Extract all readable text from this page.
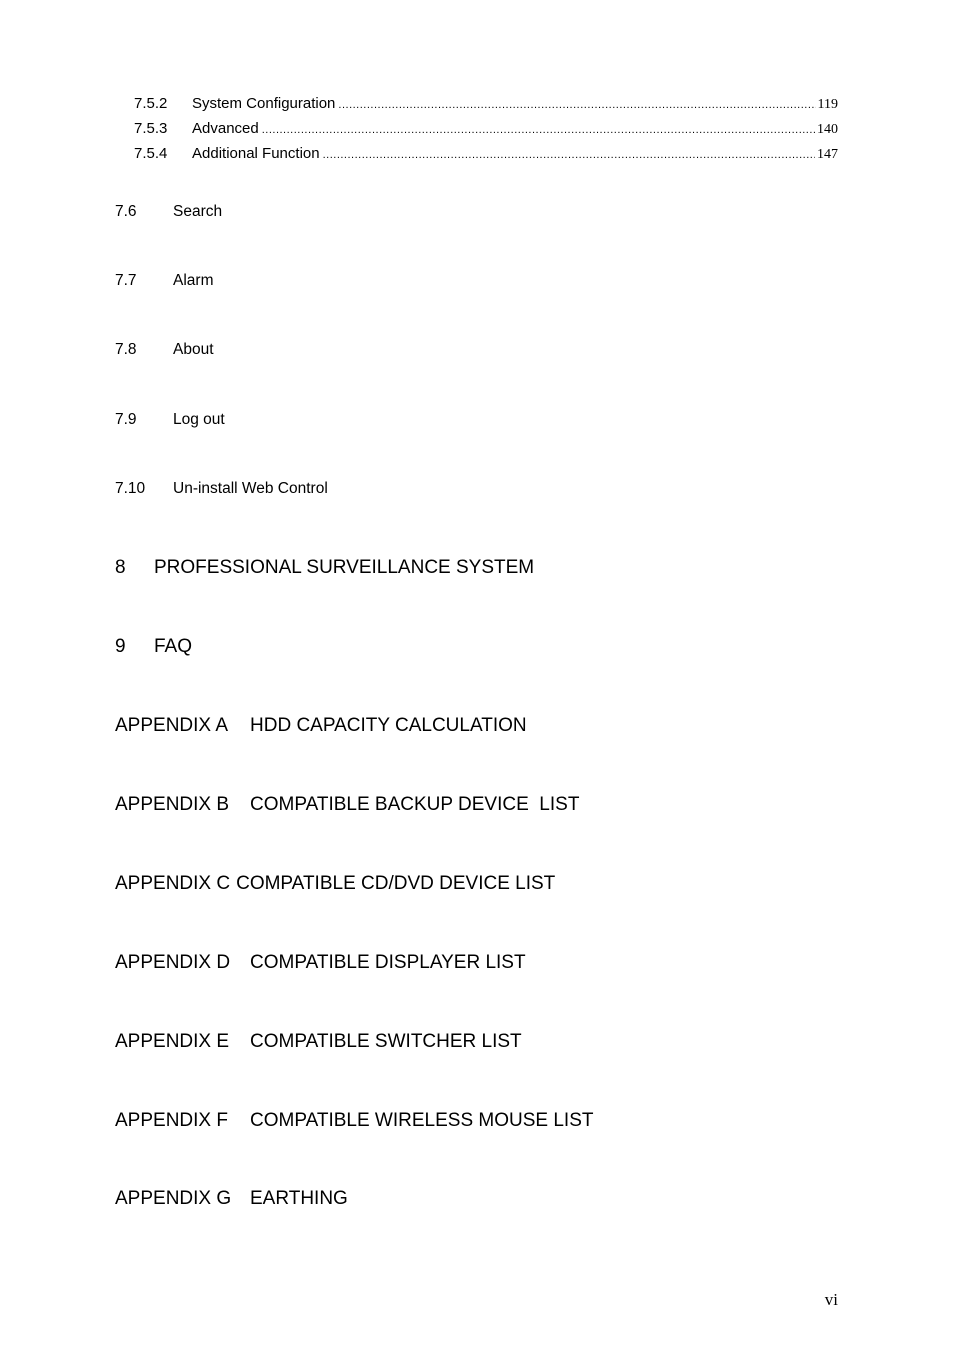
7.5.2	System Configuration .....	119
7.5.3	Advanced .....	140
7.5.4	Additional Function .....	147
7.6	Search
7.7	Alarm
7.8	About
7.9	Log out
7.10	Un-install Web Control
8	PROFESSIONAL SURVEILLANCE SYSTEM
9	FAQ
APPENDIX A	HDD CAPACITY CALCULATION
APPENDIX B	COMPATIBLE BACKUP DEVICE  LIST
APPENDIX C COMPATIBLE CD/DVD DEVICE LIST
APPENDIX D	COMPATIBLE DISPLAYER LIST
APPENDIX E	COMPATIBLE SWITCHER LIST
APPENDIX F	COMPATIBLE WIRELESS MOUSE LIST
APPENDIX G EARTHING
vi
